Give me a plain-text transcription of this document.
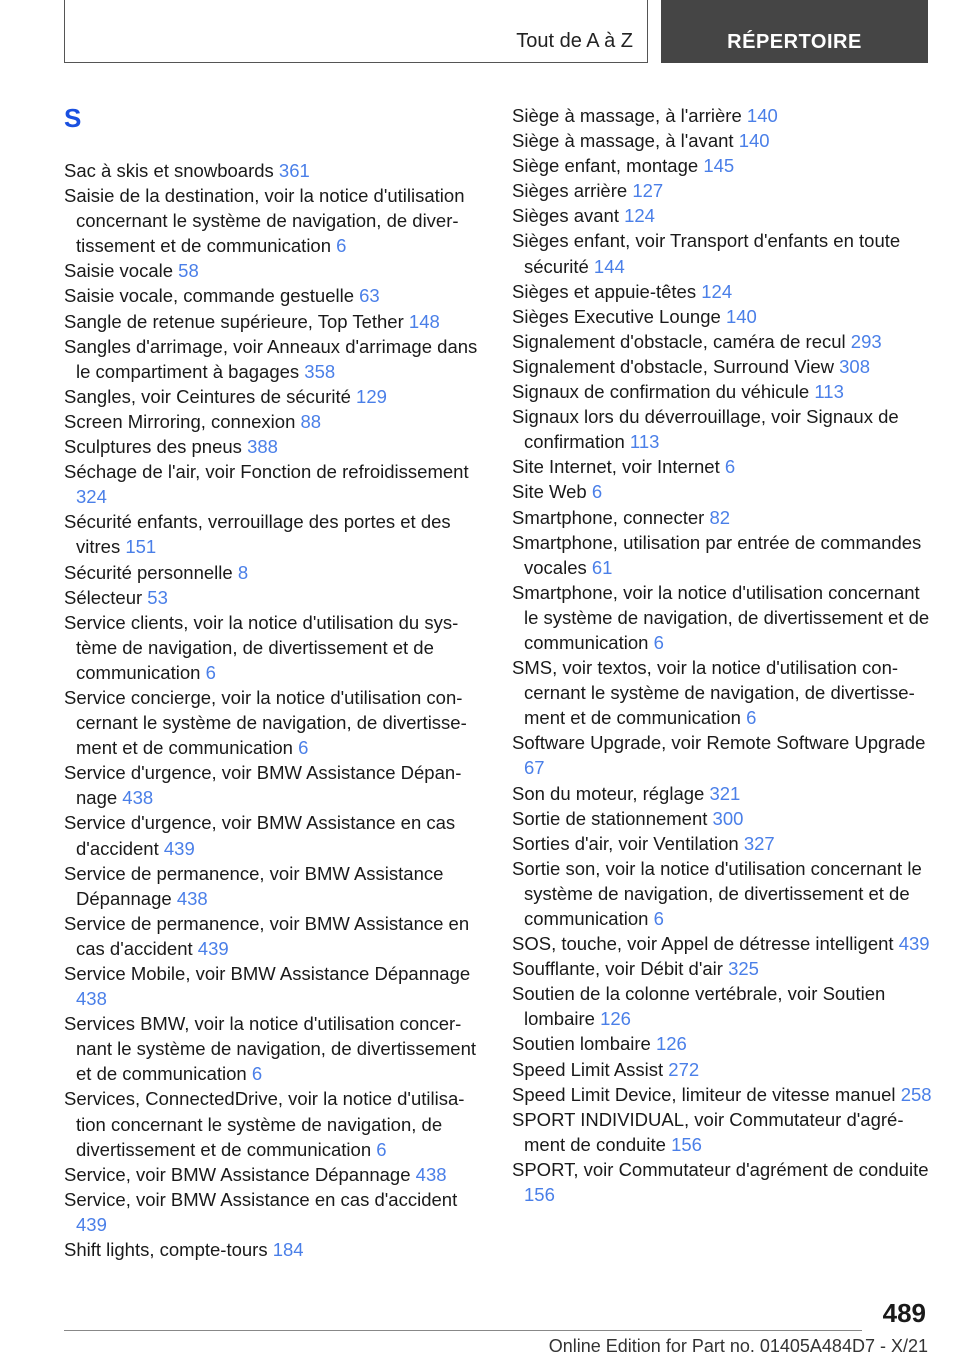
Tout de A à Z	RÉPERTOIRE
S
Sac à skis et snowboards 361
Saisie de la destination, voir la notice d'utilisation concernant le système de navigation, de divertissement et de communication 6
Saisie vocale 58
Saisie vocale, commande gestuelle 63
Sangle de retenue supérieure, Top Tether 148
Sangles d'arrimage, voir Anneaux d'arrimage dans le compartiment à bagages 358
Sangles, voir Ceintures de sécurité 129
Screen Mirroring, connexion 88
Sculptures des pneus 388
Séchage de l'air, voir Fonction de refroidissement 324
Sécurité enfants, verrouillage des portes et des vitres 151
Sécurité personnelle 8
Sélecteur 53
Service clients, voir la notice d'utilisation du système de navigation, de divertissement et de communication 6
Service concierge, voir la notice d'utilisation concernant le système de navigation, de divertissement et de communication 6
Service d'urgence, voir BMW Assistance Dépannage 438
Service d'urgence, voir BMW Assistance en cas d'accident 439
Service de permanence, voir BMW Assistance Dépannage 438
Service de permanence, voir BMW Assistance en cas d'accident 439
Service Mobile, voir BMW Assistance Dépannage 438
Services BMW, voir la notice d'utilisation concernant le système de navigation, de divertissement et de communication 6
Services, ConnectedDrive, voir la notice d'utilisation concernant le système de navigation, de divertissement et de communication 6
Service, voir BMW Assistance Dépannage 438
Service, voir BMW Assistance en cas d'accident 439
Shift lights, compte-tours 184
Siège à massage, à l'arrière 140
Siège à massage, à l'avant 140
Siège enfant, montage 145
Sièges arrière 127
Sièges avant 124
Sièges enfant, voir Transport d'enfants en toute sécurité 144
Sièges et appuie-têtes 124
Sièges Executive Lounge 140
Signalement d'obstacle, caméra de recul 293
Signalement d'obstacle, Surround View 308
Signaux de confirmation du véhicule 113
Signaux lors du déverrouillage, voir Signaux de confirmation 113
Site Internet, voir Internet 6
Site Web 6
Smartphone, connecter 82
Smartphone, utilisation par entrée de commandes vocales 61
Smartphone, voir la notice d'utilisation concernant le système de navigation, de divertissement et de communication 6
SMS, voir textos, voir la notice d'utilisation concernant le système de navigation, de divertissement et de communication 6
Software Upgrade, voir Remote Software Upgrade 67
Son du moteur, réglage 321
Sortie de stationnement 300
Sorties d'air, voir Ventilation 327
Sortie son, voir la notice d'utilisation concernant le système de navigation, de divertissement et de communication 6
SOS, touche, voir Appel de détresse intelligent 439
Soufflante, voir Débit d'air 325
Soutien de la colonne vertébrale, voir Soutien lombaire 126
Soutien lombaire 126
Speed Limit Assist 272
Speed Limit Device, limiteur de vitesse manuel 258
SPORT INDIVIDUAL, voir Commutateur d'agrément de conduite 156
SPORT, voir Commutateur d'agrément de conduite 156
489
Online Edition for Part no. 01405A484D7 - X/21
